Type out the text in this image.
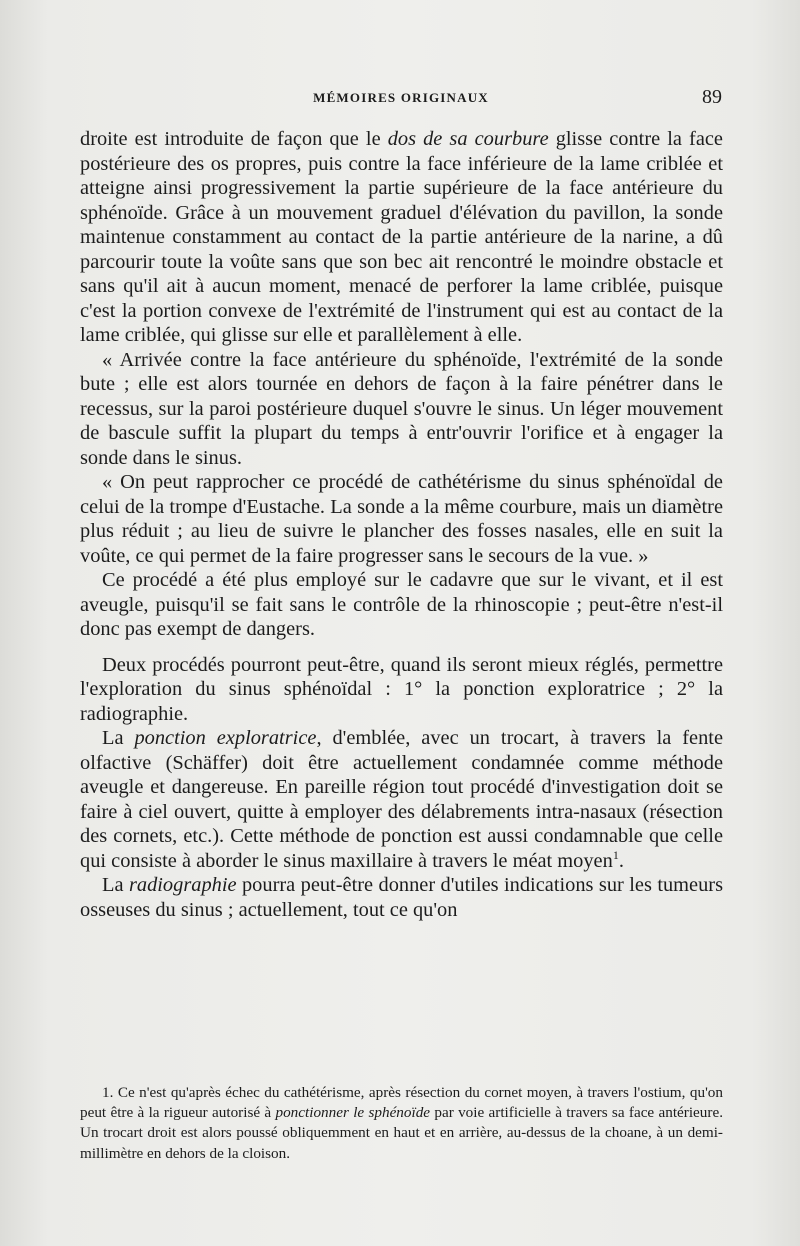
MÉMOIRES ORIGINAUX	89

droite est introduite de façon que le dos de sa courbure glisse contre la face postérieure des os propres, puis contre la face inférieure de la lame criblée et atteigne ainsi progressivement la partie supérieure de la face antérieure du sphénoïde. Grâce à un mouvement graduel d'élévation du pavillon, la sonde maintenue constamment au contact de la partie antérieure de la narine, a dû parcourir toute la voûte sans que son bec ait rencontré le moindre obstacle et sans qu'il ait à aucun moment, menacé de perforer la lame criblée, puisque c'est la portion convexe de l'extrémité de l'instrument qui est au contact de la lame criblée, qui glisse sur elle et parallèlement à elle.

« Arrivée contre la face antérieure du sphénoïde, l'extrémité de la sonde bute ; elle est alors tournée en dehors de façon à la faire pénétrer dans le recessus, sur la paroi postérieure duquel s'ouvre le sinus. Un léger mouvement de bascule suffit la plupart du temps à entr'ouvrir l'orifice et à engager la sonde dans le sinus.

« On peut rapprocher ce procédé de cathétérisme du sinus sphénoïdal de celui de la trompe d'Eustache. La sonde a la même courbure, mais un diamètre plus réduit ; au lieu de suivre le plancher des fosses nasales, elle en suit la voûte, ce qui permet de la faire progresser sans le secours de la vue. »

Ce procédé a été plus employé sur le cadavre que sur le vivant, et il est aveugle, puisqu'il se fait sans le contrôle de la rhinoscopie ; peut-être n'est-il donc pas exempt de dangers.

Deux procédés pourront peut-être, quand ils seront mieux réglés, permettre l'exploration du sinus sphénoïdal : 1° la ponction exploratrice ; 2° la radiographie.

La ponction exploratrice, d'emblée, avec un trocart, à travers la fente olfactive (Schäffer) doit être actuellement condamnée comme méthode aveugle et dangereuse. En pareille région tout procédé d'investigation doit se faire à ciel ouvert, quitte à employer des délabrements intra-nasaux (résection des cornets, etc.). Cette méthode de ponction est aussi condamnable que celle qui consiste à aborder le sinus maxillaire à travers le méat moyen$^1$.

La radiographie pourra peut-être donner d'utiles indications sur les tumeurs osseuses du sinus ; actuellement, tout ce qu'on

1. Ce n'est qu'après échec du cathétérisme, après résection du cornet moyen, à travers l'ostium, qu'on peut être à la rigueur autorisé à ponctionner le sphénoïde par voie artificielle à travers sa face antérieure. Un trocart droit est alors poussé obliquemment en haut et en arrière, au-dessus de la choane, à un demi-millimètre en dehors de la cloison.
